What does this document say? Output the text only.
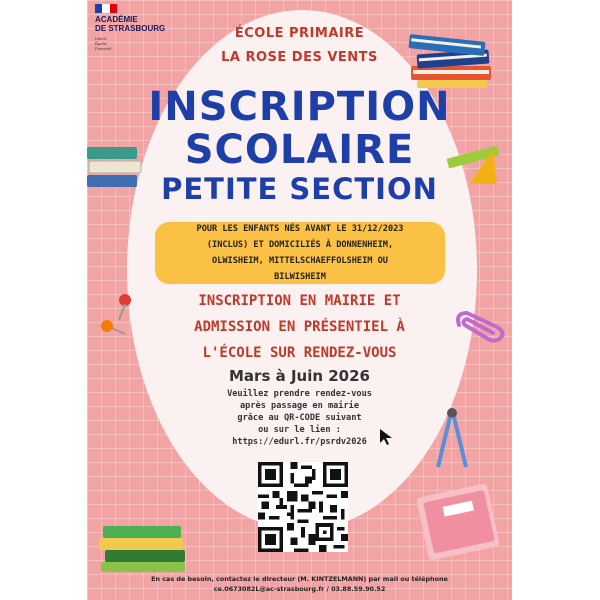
ACADÉMIE
DE STRASBOURG
Liberté
Égalité
Fraternité
ÉCOLE PRIMAIRE
LA ROSE DES VENTS
INSCRIPTION
SCOLAIRE
PETITE SECTION
POUR LES ENFANTS NÉS AVANT LE 31/12/2023
(INCLUS) ET DOMICILIÉS À DONNENHEIM,
OLWISHEIM, MITTELSCHAEFFOLSHEIM OU
BILWISHEIM
INSCRIPTION EN MAIRIE ET
ADMISSION EN PRÉSENTIEL À
L'ÉCOLE SUR RENDEZ-VOUS
Mars à Juin 2026
Veuillez prendre rendez-vous
après passage en mairie
grâce au QR-CODE suivant
ou sur le lien :
https://edurl.fr/psrdv2026
En cas de besoin, contactez le directeur (M. KINTZELMANN) par mail ou téléphone
ce.0673082L@ac-strasbourg.fr / 03.88.59.90.52
